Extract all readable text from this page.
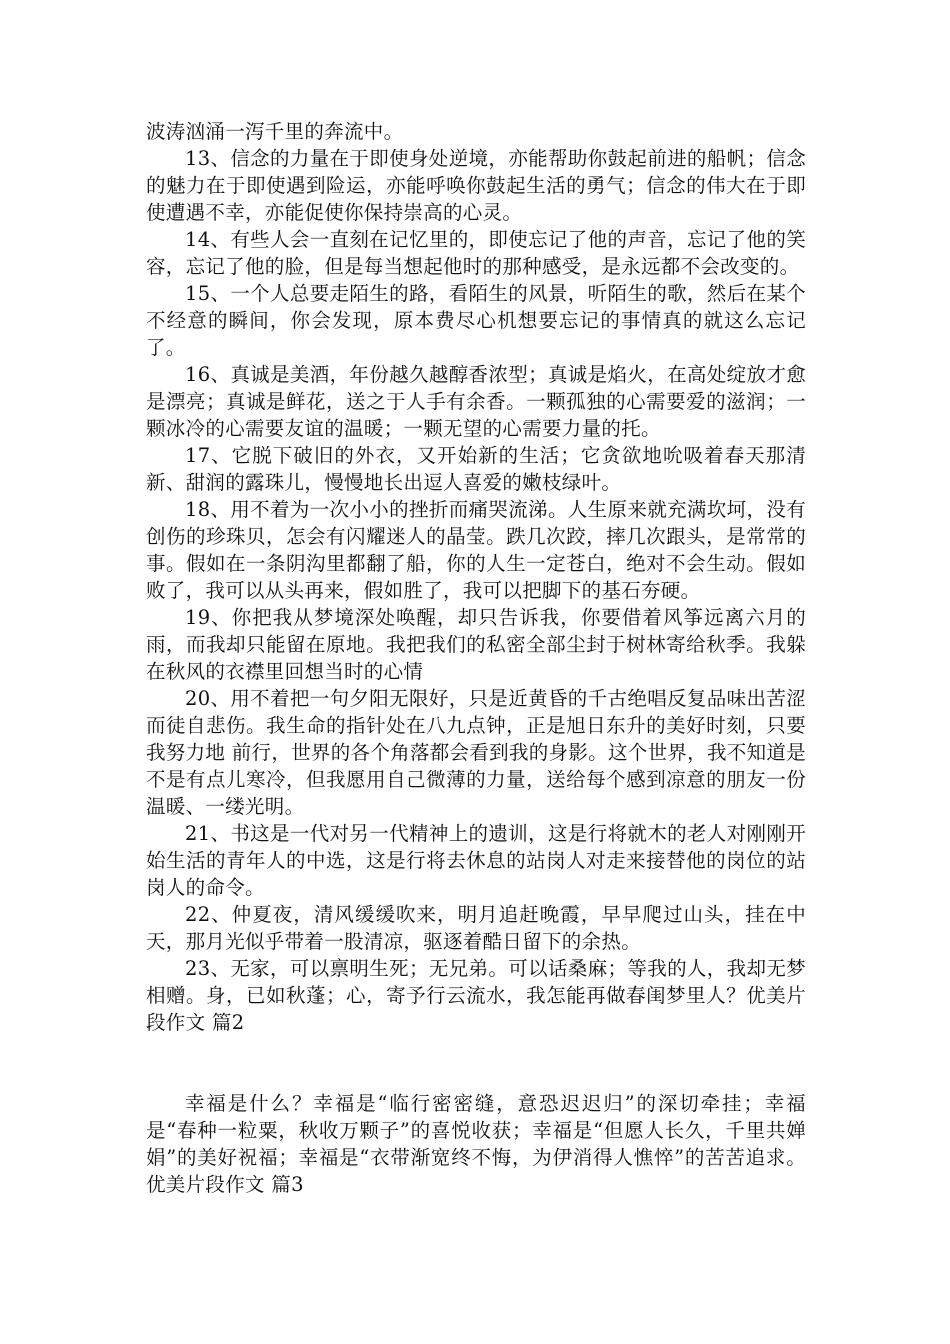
波涛汹涌一泻千里的奔流中。

13、信念的力量在于即使身处逆境，亦能帮助你鼓起前进的船帆；信念的魅力在于即使遇到险运，亦能呼唤你鼓起生活的勇气；信念的伟大在于即使遭遇不幸，亦能促使你保持崇高的心灵。

14、有些人会一直刻在记忆里的，即使忘记了他的声音，忘记了他的笑容，忘记了他的脸，但是每当想起他时的那种感受，是永远都不会改变的。

15、一个人总要走陌生的路，看陌生的风景，听陌生的歌，然后在某个不经意的瞬间，你会发现，原本费尽心机想要忘记的事情真的就这么忘记了。

16、真诚是美酒，年份越久越醇香浓型；真诚是焰火，在高处绽放才愈是漂亮；真诚是鲜花，送之于人手有余香。一颗孤独的心需要爱的滋润；一颗冰冷的心需要友谊的温暖；一颗无望的心需要力量的托。

17、它脱下破旧的外衣，又开始新的生活；它贪欲地吮吸着春天那清新、甜润的露珠儿，慢慢地长出逗人喜爱的嫩枝绿叶。

18、用不着为一次小小的挫折而痛哭流涕。人生原来就充满坎坷，没有创伤的珍珠贝，怎会有闪耀迷人的晶莹。跌几次跤，摔几次跟头，是常常的事。假如在一条阴沟里都翻了船，你的人生一定苍白，绝对不会生动。假如败了，我可以从头再来，假如胜了，我可以把脚下的基石夯硬。

19、你把我从梦境深处唤醒，却只告诉我，你要借着风筝远离六月的雨，而我却只能留在原地。我把我们的私密全部尘封于树林寄给秋季。我躲在秋风的衣襟里回想当时的心情

20、用不着把一句夕阳无限好，只是近黄昏的千古绝唱反复品味出苦涩而徒自悲伤。我生命的指针处在八九点钟，正是旭日东升的美好时刻，只要我努力地 前行，世界的各个角落都会看到我的身影。这个世界，我不知道是不是有点儿寒冷，但我愿用自己微薄的力量，送给每个感到凉意的朋友一份温暖、一缕光明。

21、书这是一代对另一代精神上的遗训，这是行将就木的老人对刚刚开始生活的青年人的中选，这是行将去休息的站岗人对走来接替他的岗位的站岗人的命令。

22、仲夏夜，清风缓缓吹来，明月追赶晚霞，早早爬过山头，挂在中天，那月光似乎带着一股清凉，驱逐着酷日留下的余热。

23、无家，可以禀明生死；无兄弟。可以话桑麻；等我的人，我却无梦相赠。身，已如秋蓬；心，寄予行云流水，我怎能再做春闺梦里人？优美片段作文 篇2

幸福是什么？幸福是“临行密密缝，意恐迟迟归”的深切牵挂；幸福是“春种一粒粟，秋收万颗子”的喜悦收获；幸福是“但愿人长久，千里共婵娟”的美好祝福；幸福是“衣带渐宽终不悔，为伊消得人憔悴”的苦苦追求。优美片段作文 篇3
